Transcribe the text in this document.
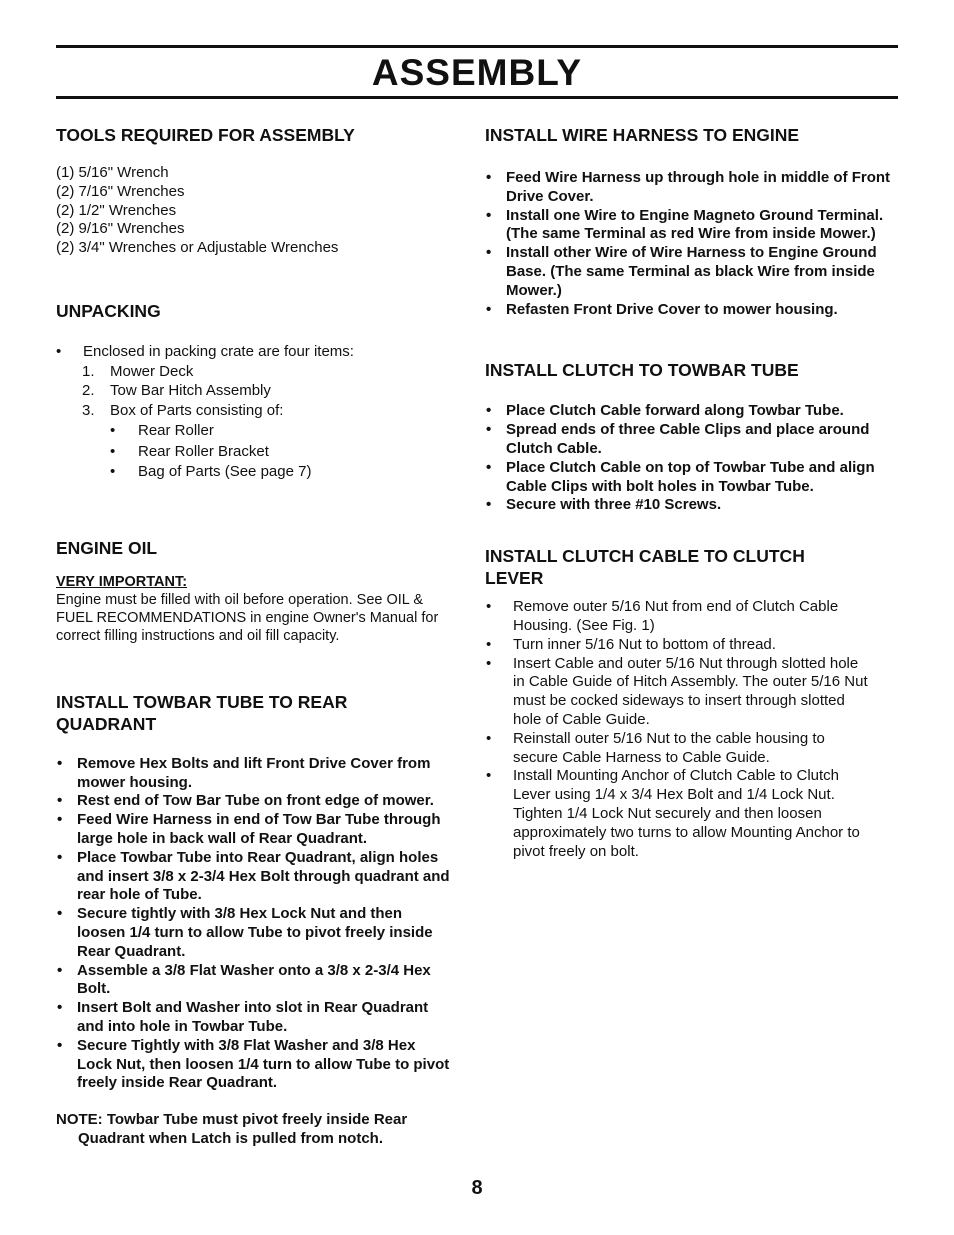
ASSEMBLY
TOOLS REQUIRED FOR ASSEMBLY
(1) 5/16" Wrench
(2) 7/16" Wrenches
(2) 1/2" Wrenches
(2) 9/16" Wrenches
(2) 3/4" Wrenches or Adjustable Wrenches
UNPACKING
• Enclosed in packing crate are four items:
1. Mower Deck
2. Tow Bar Hitch Assembly
3. Box of Parts consisting of:
• Rear Roller
• Rear Roller Bracket
• Bag of Parts (See page 7)
ENGINE OIL
VERY IMPORTANT:

Engine must be filled with oil before operation. See OIL & FUEL RECOMMENDATIONS in engine Owner's Manual for correct filling instructions and oil fill capacity.

INSTALL TOWBAR TUBE TO REAR QUADRANT
• Remove Hex Bolts and lift Front Drive Cover from mower housing.
• Rest end of Tow Bar Tube on front edge of mower.
• Feed Wire Harness in end of Tow Bar Tube through large hole in back wall of Rear Quadrant.
• Place Towbar Tube into Rear Quadrant, align holes and insert 3/8 x 2-3/4 Hex Bolt through quadrant and rear hole of Tube.
• Secure tightly with 3/8 Hex Lock Nut and then loosen 1/4 turn to allow Tube to pivot freely inside Rear Quadrant.
• Assemble a 3/8 Flat Washer onto a 3/8 x 2-3/4 Hex Bolt.
• Insert Bolt and Washer into slot in Rear Quadrant and into hole in Towbar Tube.
• Secure Tightly with 3/8 Flat Washer and 3/8 Hex Lock Nut, then loosen 1/4 turn to allow Tube to pivot freely inside Rear Quadrant.

NOTE: Towbar Tube must pivot freely inside Rear Quadrant when Latch is pulled from notch.

INSTALL WIRE HARNESS TO ENGINE
• Feed Wire Harness up through hole in middle of Front Drive Cover.
• Install one Wire to Engine Magneto Ground Terminal. (The same Terminal as red Wire from inside Mower.)
• Install other Wire of Wire Harness to Engine Ground Base. (The same Terminal as black Wire from inside Mower.)
• Refasten Front Drive Cover to mower housing.
INSTALL CLUTCH TO TOWBAR TUBE
• Place Clutch Cable forward along Towbar Tube.
• Spread ends of three Cable Clips and place around Clutch Cable.
• Place Clutch Cable on top of Towbar Tube and align Cable Clips with bolt holes in Towbar Tube.
• Secure with three #10 Screws.
INSTALL CLUTCH CABLE TO CLUTCH LEVER
• Remove outer 5/16 Nut from end of Clutch Cable Housing. (See Fig. 1)
• Turn inner 5/16 Nut to bottom of thread.
• Insert Cable and outer 5/16 Nut through slotted hole in Cable Guide of Hitch Assembly. The outer 5/16 Nut must be cocked sideways to insert through slotted hole of Cable Guide.
• Reinstall outer 5/16 Nut to the cable housing to secure Cable Harness to Cable Guide.
• Install Mounting Anchor of Clutch Cable to Clutch Lever using 1/4 x 3/4 Hex Bolt and 1/4 Lock Nut. Tighten 1/4 Lock Nut securely and then loosen approximately two turns to allow Mounting Anchor to pivot freely on bolt.
8
